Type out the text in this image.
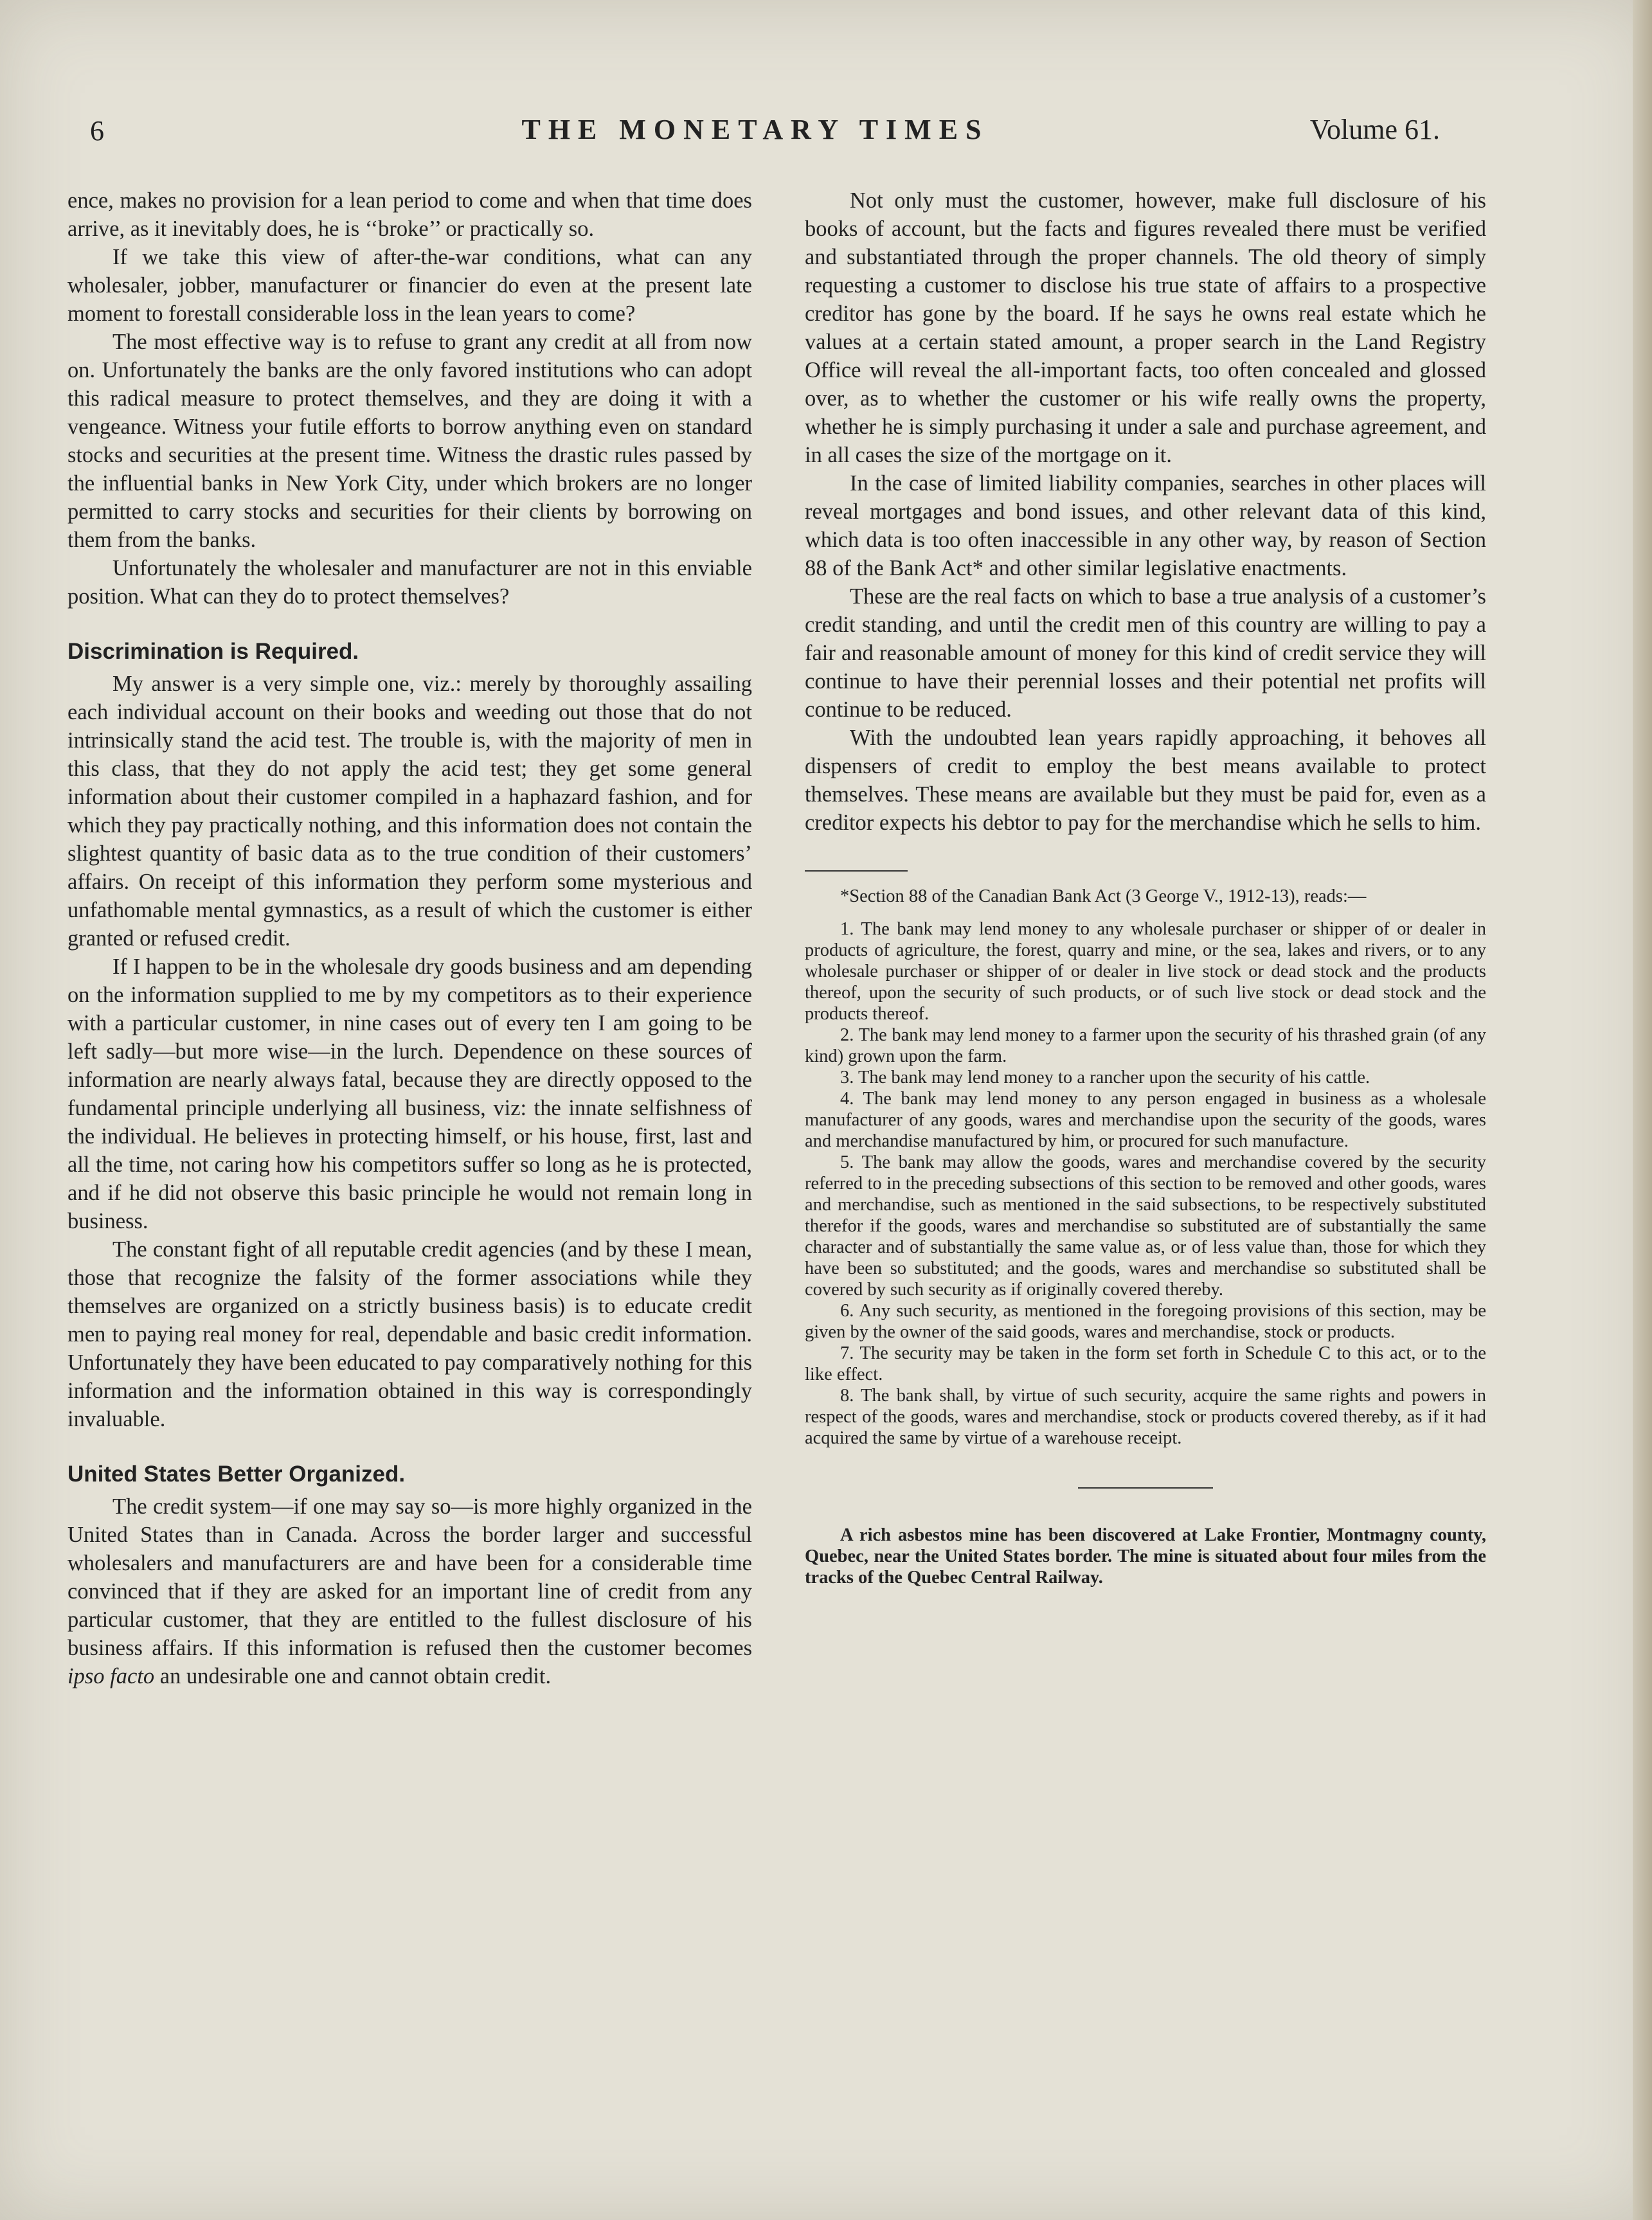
6	THE MONETARY TIMES	Volume 61.

ence, makes no provision for a lean period to come and when that time does arrive, as it inevitably does, he is ‘‘broke’’ or practically so.

If we take this view of after-the-war conditions, what can any wholesaler, jobber, manufacturer or financier do even at the present late moment to forestall considerable loss in the lean years to come?

The most effective way is to refuse to grant any credit at all from now on. Unfortunately the banks are the only favored institutions who can adopt this radical measure to protect themselves, and they are doing it with a vengeance. Witness your futile efforts to borrow anything even on standard stocks and securities at the present time. Witness the drastic rules passed by the influential banks in New York City, under which brokers are no longer permitted to carry stocks and securities for their clients by borrowing on them from the banks.

Unfortunately the wholesaler and manufacturer are not in this enviable position. What can they do to protect themselves?

Discrimination is Required.

My answer is a very simple one, viz.: merely by thoroughly assailing each individual account on their books and weeding out those that do not intrinsically stand the acid test. The trouble is, with the majority of men in this class, that they do not apply the acid test; they get some general information about their customer compiled in a haphazard fashion, and for which they pay practically nothing, and this information does not contain the slightest quantity of basic data as to the true condition of their customers’ affairs. On receipt of this information they perform some mysterious and unfathomable mental gymnastics, as a result of which the customer is either granted or refused credit.

If I happen to be in the wholesale dry goods business and am depending on the information supplied to me by my competitors as to their experience with a particular customer, in nine cases out of every ten I am going to be left sadly—but more wise—in the lurch. Dependence on these sources of information are nearly always fatal, because they are directly opposed to the fundamental principle underlying all business, viz: the innate selfishness of the individual. He believes in protecting himself, or his house, first, last and all the time, not caring how his competitors suffer so long as he is protected, and if he did not observe this basic principle he would not remain long in business.

The constant fight of all reputable credit agencies (and by these I mean, those that recognize the falsity of the former associations while they themselves are organized on a strictly business basis) is to educate credit men to paying real money for real, dependable and basic credit information. Unfortunately they have been educated to pay comparatively nothing for this information and the information obtained in this way is correspondingly invaluable.

United States Better Organized.

The credit system—if one may say so—is more highly organized in the United States than in Canada. Across the border larger and successful wholesalers and manufacturers are and have been for a considerable time convinced that if they are asked for an important line of credit from any particular customer, that they are entitled to the fullest disclosure of his business affairs. If this information is refused then the customer becomes ipso facto an undesirable one and cannot obtain credit.

Not only must the customer, however, make full disclosure of his books of account, but the facts and figures revealed there must be verified and substantiated through the proper channels. The old theory of simply requesting a customer to disclose his true state of affairs to a prospective creditor has gone by the board. If he says he owns real estate which he values at a certain stated amount, a proper search in the Land Registry Office will reveal the all-important facts, too often concealed and glossed over, as to whether the customer or his wife really owns the property, whether he is simply purchasing it under a sale and purchase agreement, and in all cases the size of the mortgage on it.

In the case of limited liability companies, searches in other places will reveal mortgages and bond issues, and other relevant data of this kind, which data is too often inaccessible in any other way, by reason of Section 88 of the Bank Act* and other similar legislative enactments.

These are the real facts on which to base a true analysis of a customer’s credit standing, and until the credit men of this country are willing to pay a fair and reasonable amount of money for this kind of credit service they will continue to have their perennial losses and their potential net profits will continue to be reduced.

With the undoubted lean years rapidly approaching, it behoves all dispensers of credit to employ the best means available to protect themselves. These means are available but they must be paid for, even as a creditor expects his debtor to pay for the merchandise which he sells to him.

*Section 88 of the Canadian Bank Act (3 George V., 1912-13), reads:—

1. The bank may lend money to any wholesale purchaser or shipper of or dealer in products of agriculture, the forest, quarry and mine, or the sea, lakes and rivers, or to any wholesale purchaser or shipper of or dealer in live stock or dead stock and the products thereof, upon the security of such products, or of such live stock or dead stock and the products thereof.

2. The bank may lend money to a farmer upon the security of his thrashed grain (of any kind) grown upon the farm.

3. The bank may lend money to a rancher upon the security of his cattle.

4. The bank may lend money to any person engaged in business as a wholesale manufacturer of any goods, wares and merchandise upon the security of the goods, wares and merchandise manufactured by him, or procured for such manufacture.

5. The bank may allow the goods, wares and merchandise covered by the security referred to in the preceding subsections of this section to be removed and other goods, wares and merchandise, such as mentioned in the said subsections, to be respectively substituted therefor if the goods, wares and merchandise so substituted are of substantially the same character and of substantially the same value as, or of less value than, those for which they have been so substituted; and the goods, wares and merchandise so substituted shall be covered by such security as if originally covered thereby.

6. Any such security, as mentioned in the foregoing provisions of this section, may be given by the owner of the said goods, wares and merchandise, stock or products.

7. The security may be taken in the form set forth in Schedule C to this act, or to the like effect.

8. The bank shall, by virtue of such security, acquire the same rights and powers in respect of the goods, wares and merchandise, stock or products covered thereby, as if it had acquired the same by virtue of a warehouse receipt.

A rich asbestos mine has been discovered at Lake Frontier, Montmagny county, Quebec, near the United States border. The mine is situated about four miles from the tracks of the Quebec Central Railway.
